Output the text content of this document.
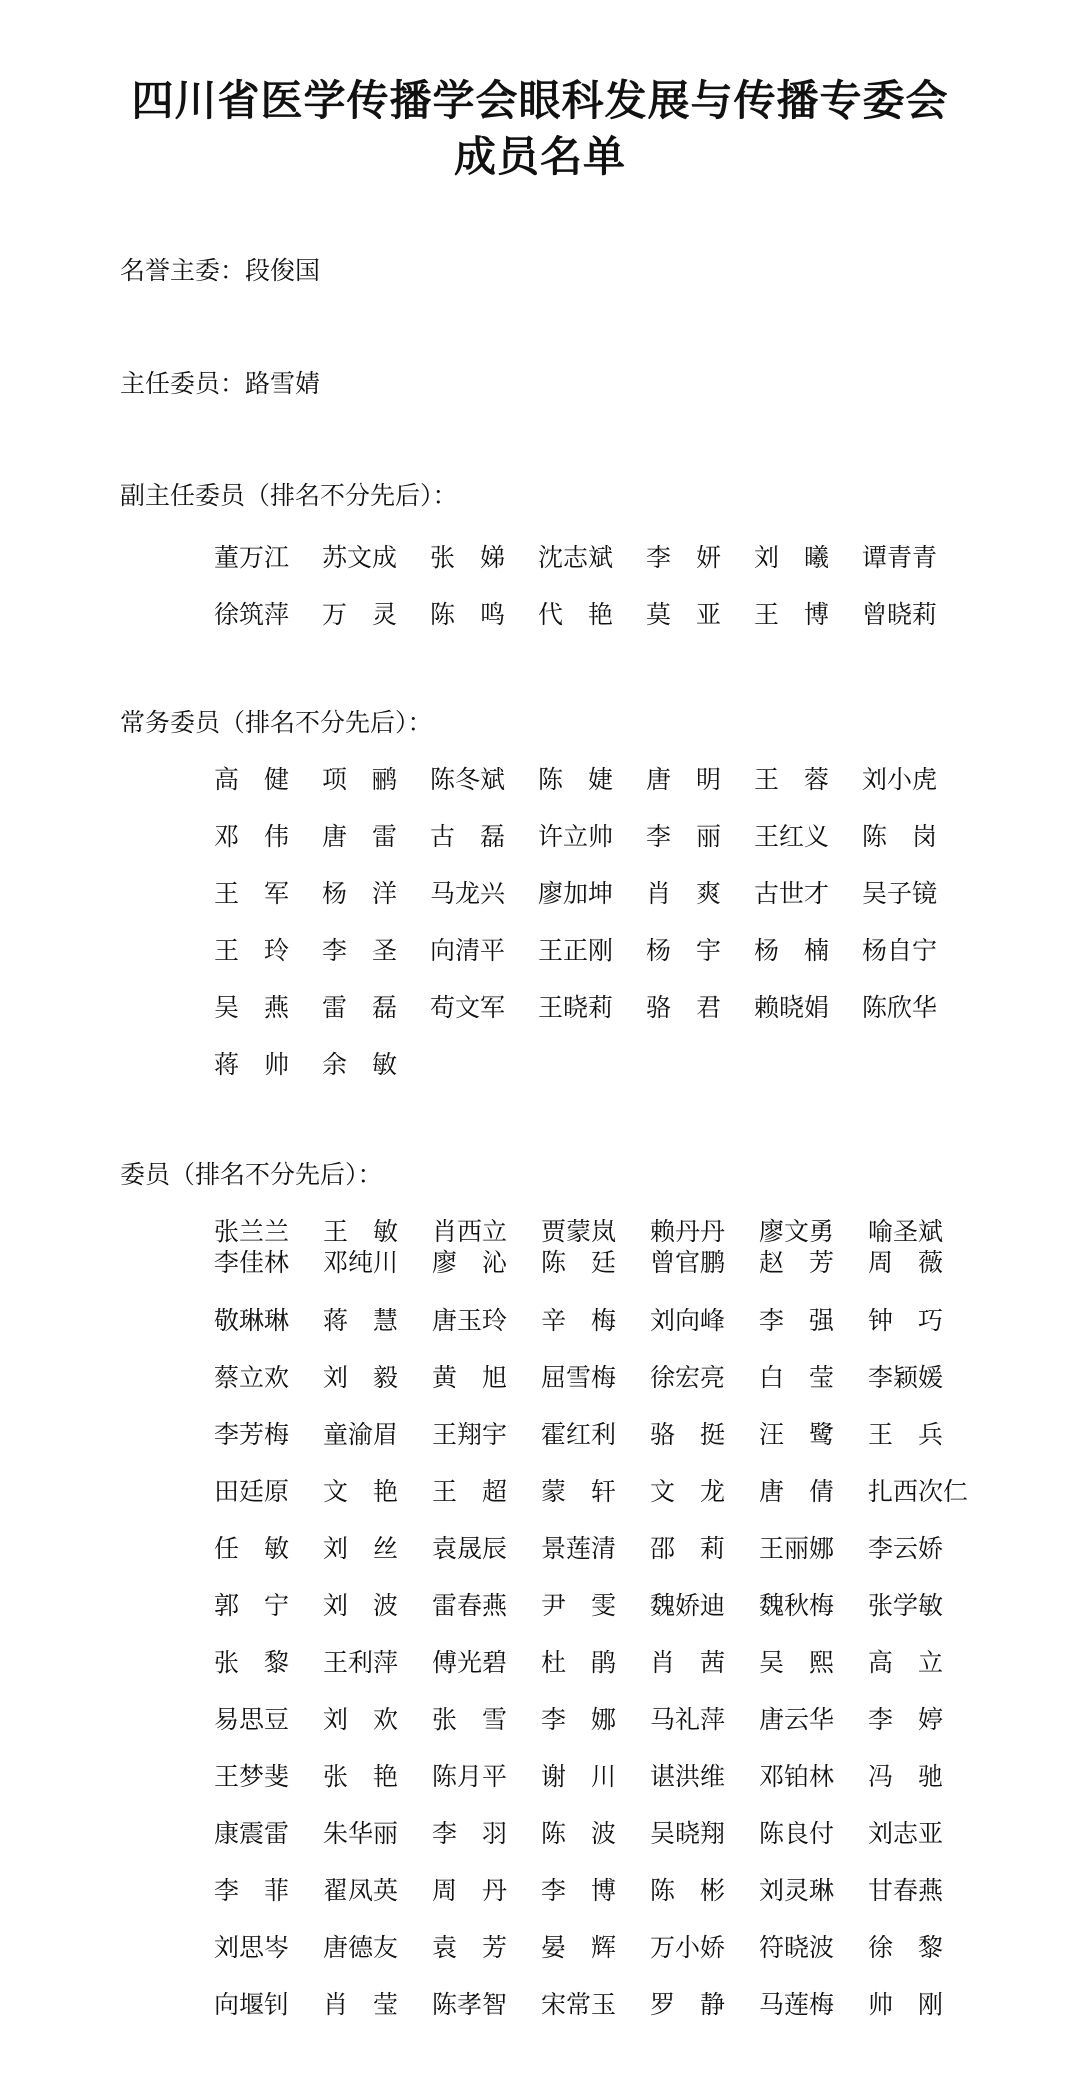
四川省医学传播学会眼科发展与传播专委会
成员名单
名誉主委：段俊国
主任委员：路雪婧
副主任委员（排名不分先后）：
董万江 苏文成 张 娣 沈志斌 李 妍 刘 曦 谭青青
徐筑萍 万 灵 陈 鸣 代 艳 莫 亚 王 博 曾晓莉
常务委员（排名不分先后）：
高 健 项 鹂 陈冬斌 陈 婕 唐 明 王 蓉 刘小虎
邓 伟 唐 雷 古 磊 许立帅 李 丽 王红义 陈 岗
王 军 杨 洋 马龙兴 廖加坤 肖 爽 古世才 吴子镜
王 玲 李 圣 向清平 王正刚 杨 宇 杨 楠 杨自宁
吴 燕 雷 磊 苟文军 王晓莉 骆 君 赖晓娟 陈欣华
蒋 帅 余 敏
委员（排名不分先后）：
张兰兰 王 敏 肖西立 贾蒙岚 赖丹丹 廖文勇 喻圣斌
李佳林 邓纯川 廖 沁 陈 廷 曾官鹏 赵 芳 周 薇
敬琳琳 蒋 慧 唐玉玲 辛 梅 刘向峰 李 强 钟 巧
蔡立欢 刘 毅 黄 旭 屈雪梅 徐宏亮 白 莹 李颖媛
李芳梅 童渝眉 王翔宇 霍红利 骆 挺 汪 鹭 王 兵
田廷原 文 艳 王 超 蒙 轩 文 龙 唐 倩 扎西次仁
任 敏 刘 丝 袁晟辰 景莲清 邵 莉 王丽娜 李云娇
郭 宁 刘 波 雷春燕 尹 雯 魏娇迪 魏秋梅 张学敏
张 黎 王利萍 傅光碧 杜 鹃 肖 茜 吴 熙 高 立
易思豆 刘 欢 张 雪 李 娜 马礼萍 唐云华 李 婷
王梦斐 张 艳 陈月平 谢 川 谌洪维 邓铂林 冯 驰
康震雷 朱华丽 李 羽 陈 波 吴晓翔 陈良付 刘志亚
李 菲 翟凤英 周 丹 李 博 陈 彬 刘灵琳 甘春燕
刘思岑 唐德友 袁 芳 晏 辉 万小娇 符晓波 徐 黎
向堰钊 肖 莹 陈孝智 宋常玉 罗 静 马莲梅 帅 刚
